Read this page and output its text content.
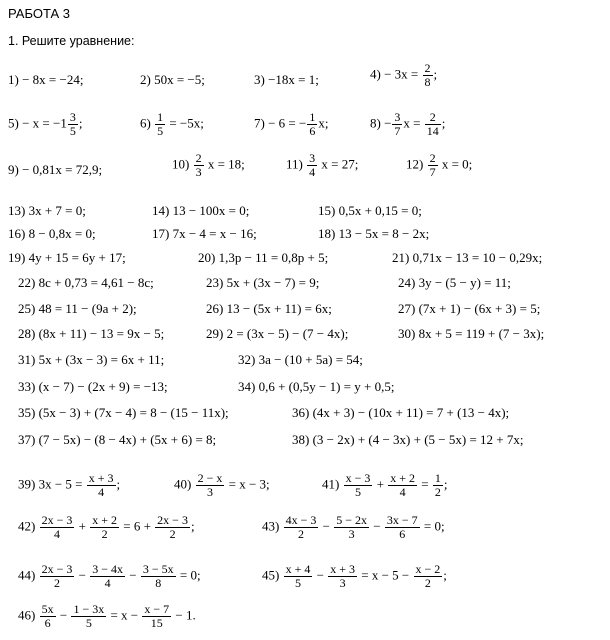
РАБОТА 3
1. Решите уравнение:
1) − 8x = −24;	2) 50x = −5;	3) −18x = 1;	$4) - 3x = \frac{2}{8}$ ;
$5) - x = -1 \frac{3}{5}$ ;	$6) \frac{1}{5} = -5x$;	7) − 6 = − $\frac{1}{6} x$;	$8) - \frac{3}{7}$ $x = \frac{2}{14}$ ;
9) − 0,81x = 72,9;	$10) \frac{2}{3}$ x = 18;	$11) \frac{3}{4}$ x = 27;	$12) \frac{2}{7}$ x = 0;
13) 3x + 7 = 0;	14) 13 − 100x = 0;	15) 0,5x + 0,15 = 0;
16) 8 − 0,8x = 0;	17) 7x − 4 = x − 16;	18) 13 − 5x = 8 − 2x;
19) 4y + 15 = 6y + 17;	20) 1,3p − 11 = 0,8p + 5;	21) 0,71x − 13 = 10 − 0,29x;
22) 8c + 0,73 = 4,61 − 8c;	23) 5x + (3x − 7) = 9;	24) 3y − (5 − y) = 11;
25) 48 = 11 − (9a + 2);	26) 13 − (5x + 11) = 6x;	27) (7x + 1) − (6x + 3) = 5;
28) (8x + 11) − 13 = 9x − 5;	29) 2 = (3x − 5) − (7 − 4x);	30) 8x + 5 = 119 + (7 − 3x);
31) 5x + (3x − 3) = 6x + 11;	32) 3a − (10 + 5a) = 54;
33) (x − 7) − (2x + 9) = −13;	34) 0,6 + (0,5y − 1) = y + 0,5;
35) (5x − 3) + (7x − 4) = 8 − (15 − 11x);	36) (4x + 3) − (10x + 11) = 7 + (13 − 4x);
37) (7 − 5x) − (8 − 4x) + (5x + 6) = 8;	38) (3 − 2x) + (4 − 3x) + (5 − 5x) = 12 + 7x;
39) $3x - 5 = \frac{x + 3}{4}$ ;	$40) \frac{2 - x}{3} = x - 3$;	$41) \frac{x - 3}{5} + \frac{x + 2}{4} = \frac{1}{2}$ ;
$42) \frac{2x - 3}{4} + \frac{x + 2}{2} = 6 + \frac{2x - 3}{2}$ ;	$43) \frac{4x - 3}{2} - \frac{5 - 2x}{3} - \frac{3x - 7}{6} = 0$;
$44) \frac{2x - 3}{2} - \frac{3 - 4x}{4} - \frac{3 - 5x}{8} = 0$;	$45) \frac{x + 4}{5} - \frac{x + 3}{3} = x - 5 - \frac{x - 2}{2}$ ;
$46) \frac{5x}{6} - \frac{1 - 3x}{5} = x - \frac{x - 7}{15} - 1$.
